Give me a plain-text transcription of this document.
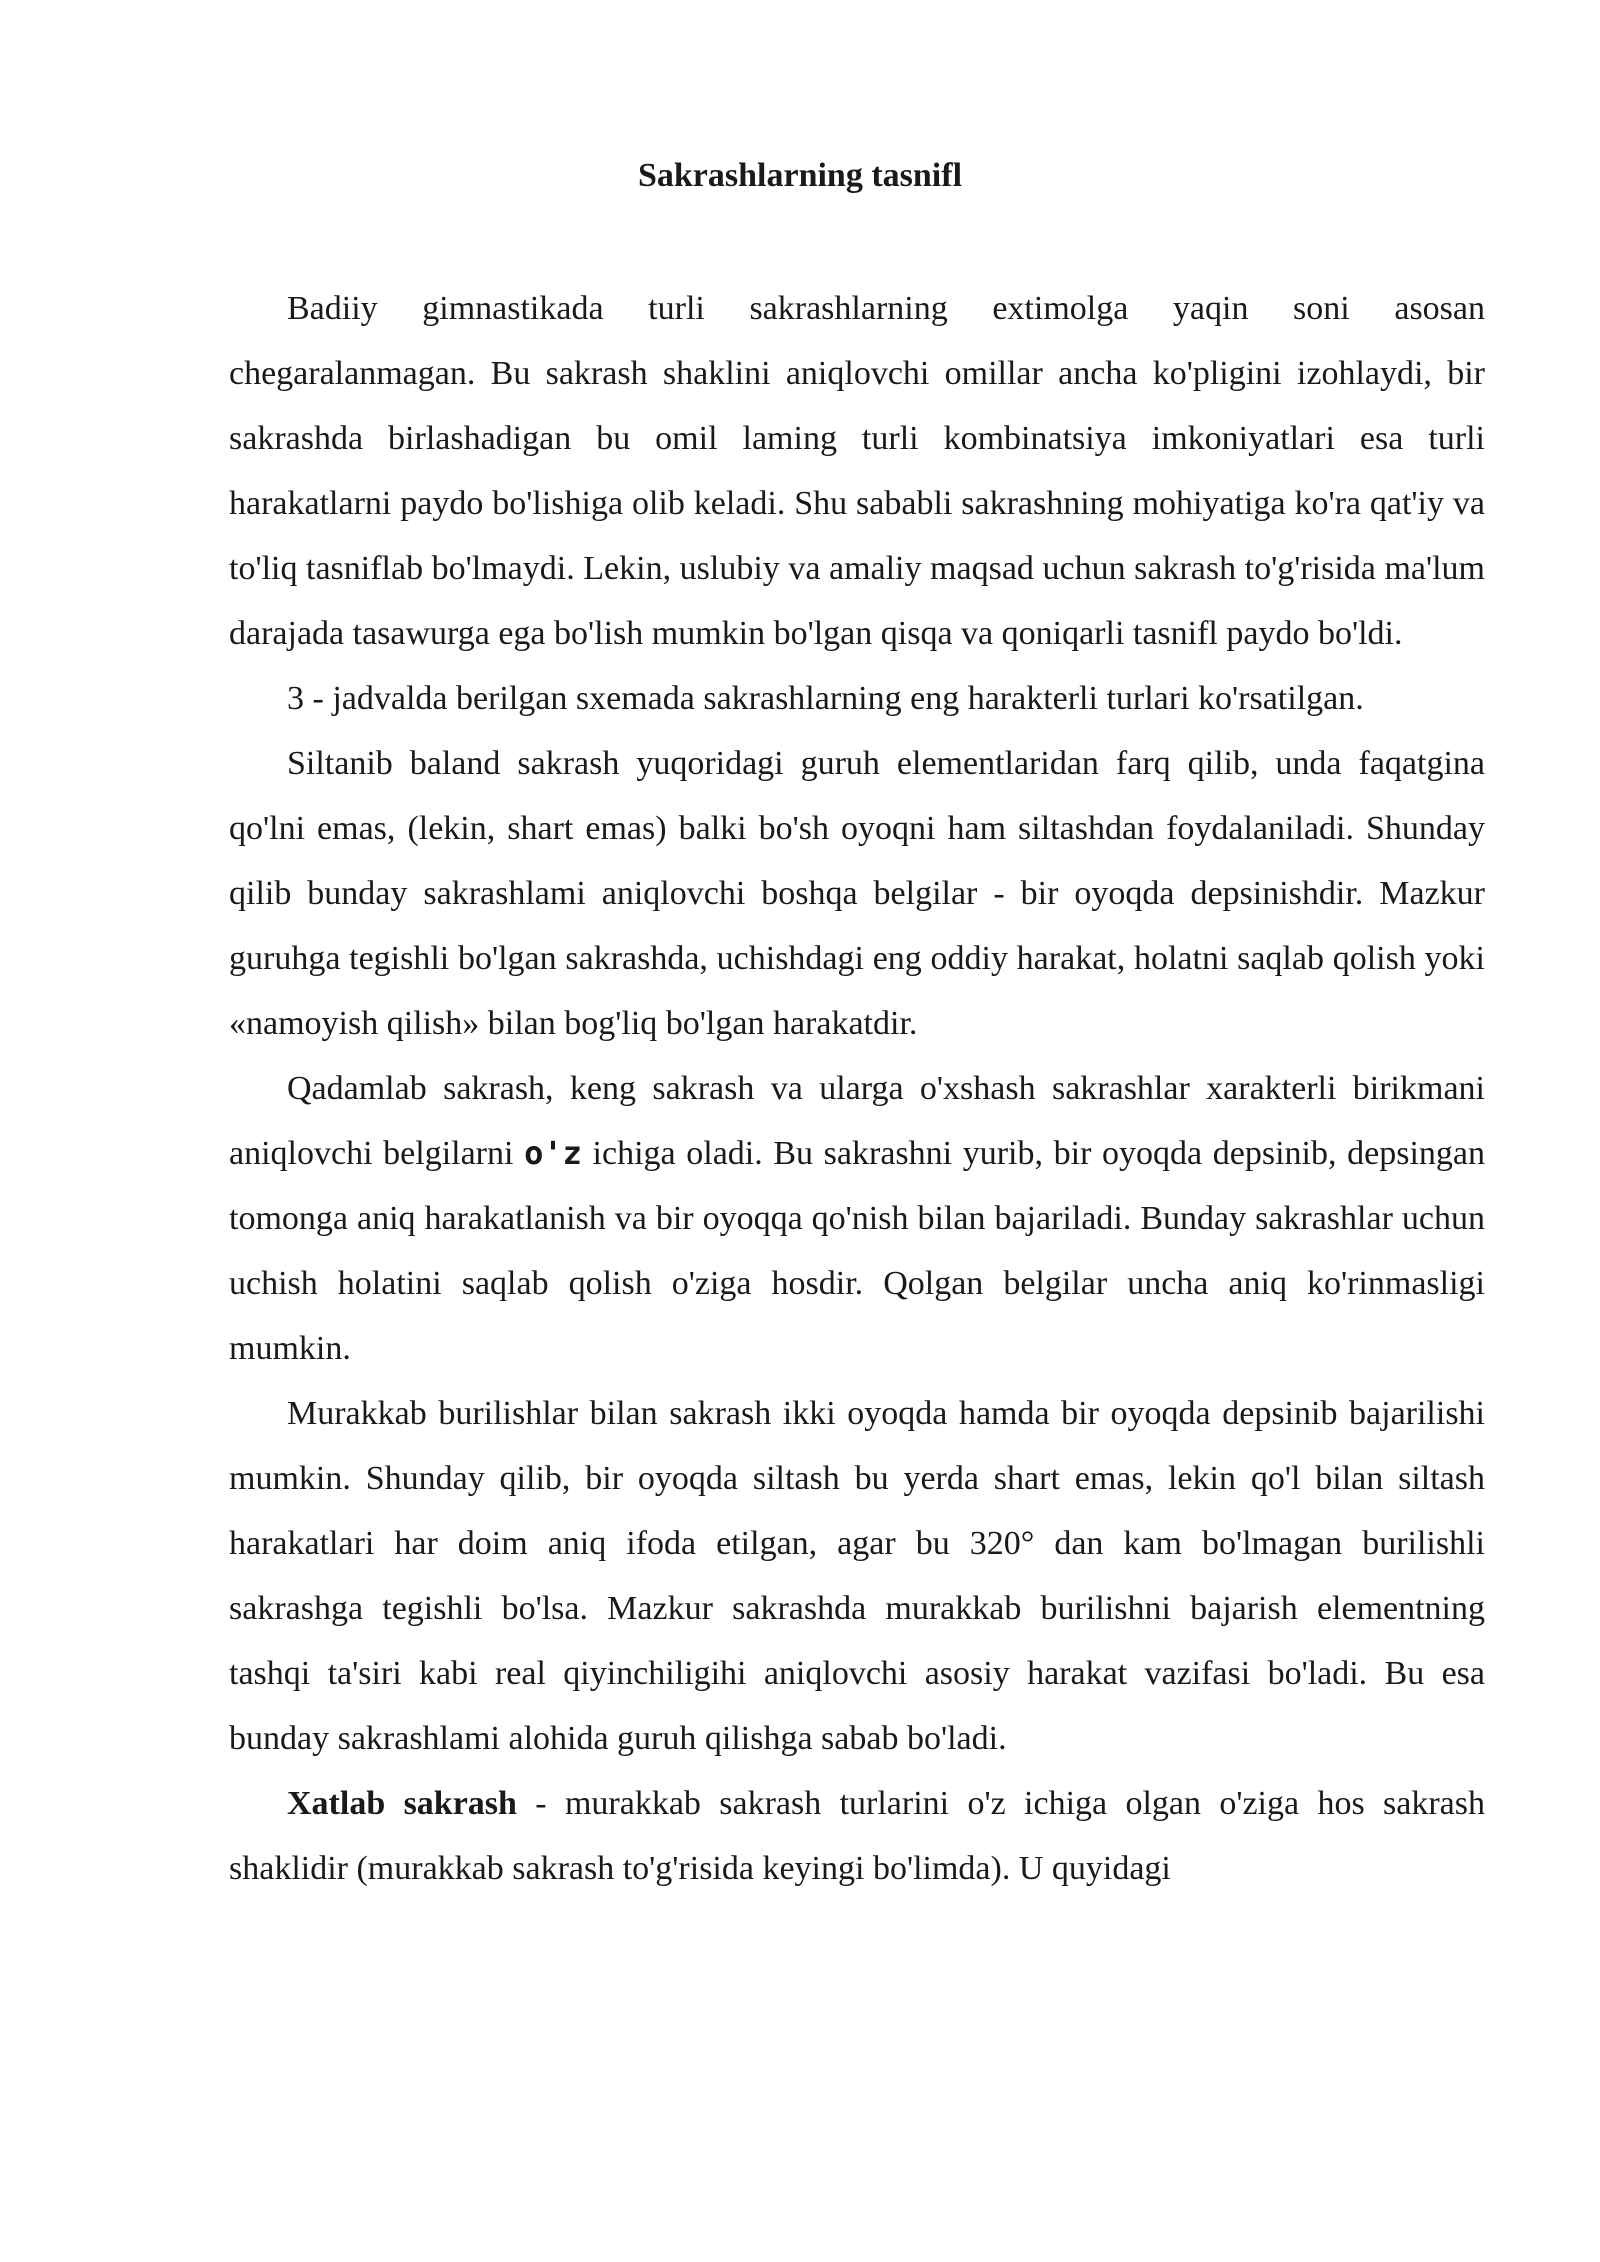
Sakrashlarning tasnifl

Badiiy gimnastikada turli sakrashlarning extimolga yaqin soni asosan chegaralanmagan. Bu sakrash shaklini aniqlovchi omillar ancha ko'pligini izohlaydi, bir sakrashda birlashadigan bu omil laming turli kombinatsiya imkoniyatlari esa turli harakatlarni paydo bo'lishiga olib keladi. Shu sababli sakrashning mohiyatiga ko'ra qat'iy va to'liq tasniflab bo'lmaydi. Lekin, uslubiy va amaliy maqsad uchun sakrash to'g'risida ma'lum darajada tasawurga ega bo'lish mumkin bo'lgan qisqa va qoniqarli tasnifl paydo bo'ldi.

3 - jadvalda berilgan sxemada sakrashlarning eng harakterli turlari ko'rsatilgan.

Siltanib baland sakrash yuqoridagi guruh elementlaridan farq qilib, unda faqatgina qo'lni emas, (lekin, shart emas) balki bo'sh oyoqni ham siltashdan foydalaniladi. Shunday qilib bunday sakrashlami aniqlovchi boshqa belgilar - bir oyoqda depsinishdir. Mazkur guruhga tegishli bo'lgan sakrashda, uchishdagi eng oddiy harakat, holatni saqlab qolish yoki «namoyish qilish» bilan bog'liq bo'lgan harakatdir.

Qadamlab sakrash, keng sakrash va ularga o'xshash sakrashlar xarakterli birikmani aniqlovchi belgilarni o'z ichiga oladi. Bu sakrashni yurib, bir oyoqda depsinib, depsingan tomonga aniq harakatlanish va bir oyoqqa qo'nish bilan bajariladi. Bunday sakrashlar uchun uchish holatini saqlab qolish o'ziga hosdir. Qolgan belgilar uncha aniq ko'rinmasligi mumkin.

Murakkab burilishlar bilan sakrash ikki oyoqda hamda bir oyoqda depsinib bajarilishi mumkin. Shunday qilib, bir oyoqda siltash bu yerda shart emas, lekin qo'l bilan siltash harakatlari har doim aniq ifoda etilgan, agar bu 320° dan kam bo'lmagan burilishli sakrashga tegishli bo'lsa. Mazkur sakrashda murakkab burilishni bajarish elementning tashqi ta'siri kabi real qiyinchiligihi aniqlovchi asosiy harakat vazifasi bo'ladi. Bu esa bunday sakrashlami alohida guruh qilishga sabab bo'ladi.

Xatlab sakrash - murakkab sakrash turlarini o'z ichiga olgan o'ziga hos sakrash shaklidir (murakkab sakrash to'g'risida keyingi bo'limda). U quyidagi
